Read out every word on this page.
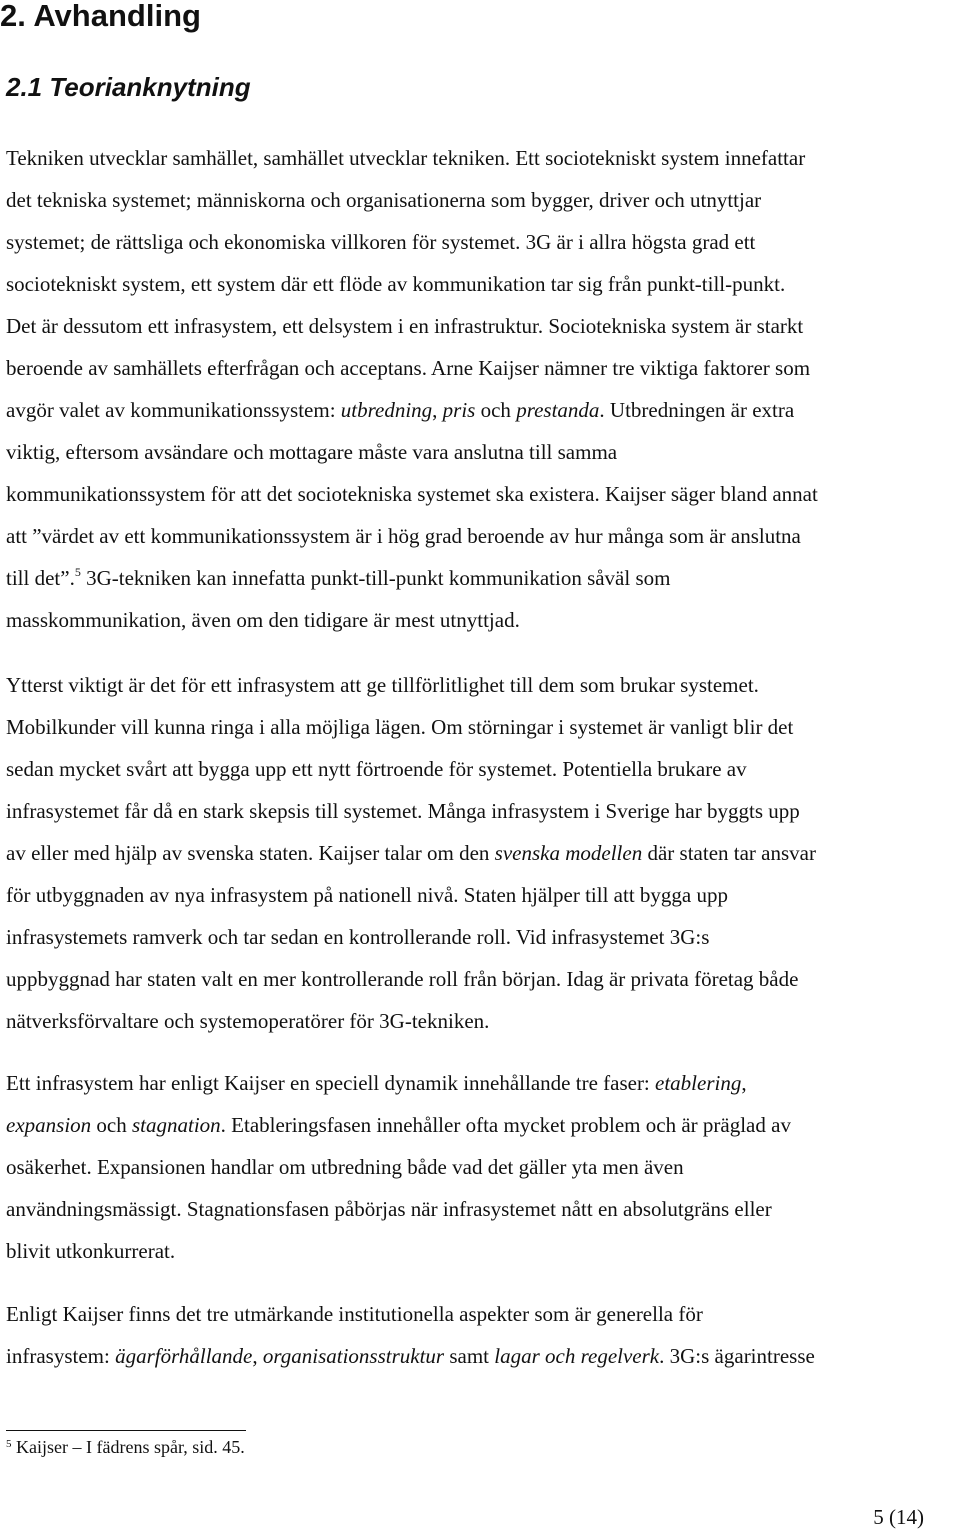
2. Avhandling
2.1 Teorianknytning

Tekniken utvecklar samhället, samhället utvecklar tekniken. Ett sociotekniskt system innefattar

det tekniska systemet; människorna och organisationerna som bygger, driver och utnyttjar

systemet; de rättsliga och ekonomiska villkoren för systemet. 3G är i allra högsta grad ett

sociotekniskt system, ett system där ett flöde av kommunikation tar sig från punkt-till-punkt.

Det är dessutom ett infrasystem, ett delsystem i en infrastruktur. Sociotekniska system är starkt

beroende av samhällets efterfrågan och acceptans. Arne Kaijser nämner tre viktiga faktorer som

avgör valet av kommunikationssystem: utbredning, pris och prestanda. Utbredningen är extra

viktig, eftersom avsändare och mottagare måste vara anslutna till samma

kommunikationssystem för att det sociotekniska systemet ska existera. Kaijser säger bland annat

att ”värdet av ett kommunikationssystem är i hög grad beroende av hur många som är anslutna

till det”.$^5$ 3G-tekniken kan innefatta punkt-till-punkt kommunikation såväl som

masskommunikation, även om den tidigare är mest utnyttjad.

Ytterst viktigt är det för ett infrasystem att ge tillförlitlighet till dem som brukar systemet.

Mobilkunder vill kunna ringa i alla möjliga lägen. Om störningar i systemet är vanligt blir det

sedan mycket svårt att bygga upp ett nytt förtroende för systemet. Potentiella brukare av

infrasystemet får då en stark skepsis till systemet. Många infrasystem i Sverige har byggts upp

av eller med hjälp av svenska staten. Kaijser talar om den svenska modellen där staten tar ansvar

för utbyggnaden av nya infrasystem på nationell nivå. Staten hjälper till att bygga upp

infrasystemets ramverk och tar sedan en kontrollerande roll. Vid infrasystemet 3G:s

uppbyggnad har staten valt en mer kontrollerande roll från början. Idag är privata företag både

nätverksförvaltare och systemoperatörer för 3G-tekniken.

Ett infrasystem har enligt Kaijser en speciell dynamik innehållande tre faser: etablering,

expansion och stagnation. Etableringsfasen innehåller ofta mycket problem och är präglad av

osäkerhet. Expansionen handlar om utbredning både vad det gäller yta men även

användningsmässigt. Stagnationsfasen påbörjas när infrasystemet nått en absolutgräns eller

blivit utkonkurrerat.

Enligt Kaijser finns det tre utmärkande institutionella aspekter som är generella för

infrasystem: ägarförhållande, organisationsstruktur samt lagar och regelverk. 3G:s ägarintresse

$^5$ Kaijser – I fädrens spår, sid. 45.

5 (14)
